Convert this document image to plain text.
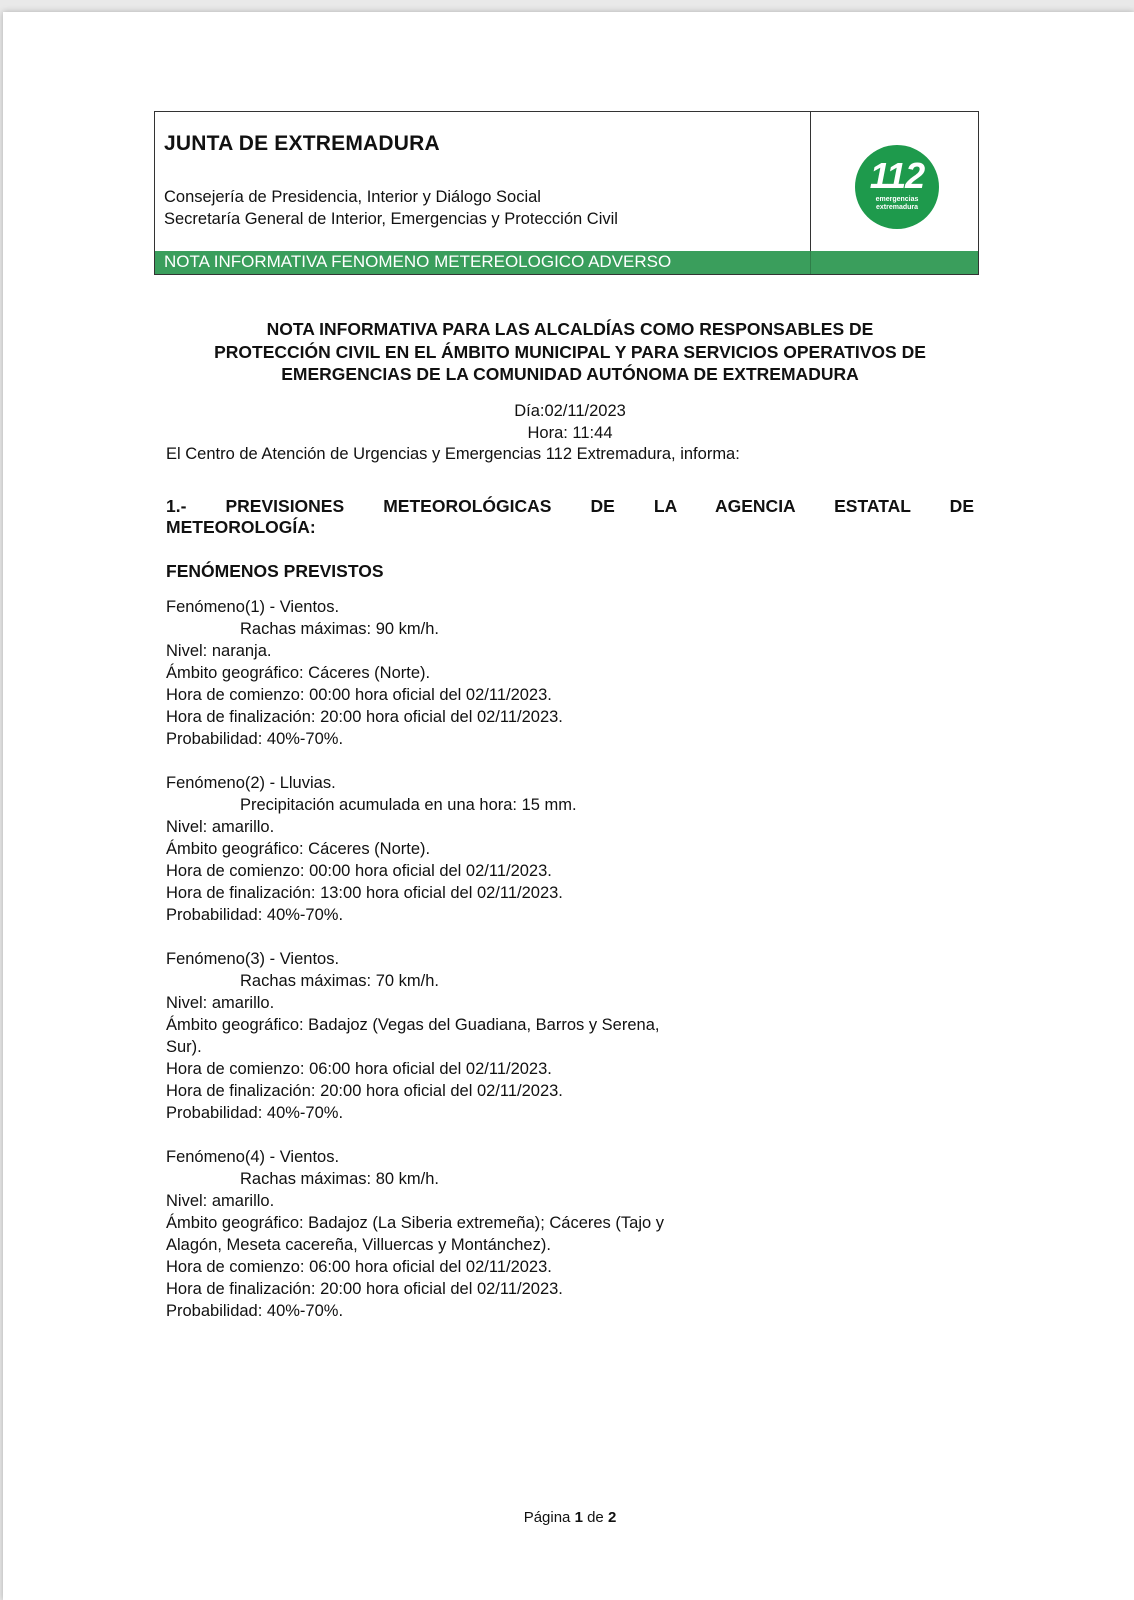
JUNTA DE EXTREMADURA
Consejería de Presidencia, Interior y Diálogo Social
Secretaría General de Interior, Emergencias y Protección Civil
112
emergencias
extremadura
NOTA INFORMATIVA FENOMENO METEREOLOGICO ADVERSO
NOTA INFORMATIVA PARA LAS ALCALDÍAS COMO RESPONSABLES DE
PROTECCIÓN CIVIL EN EL ÁMBITO MUNICIPAL Y PARA SERVICIOS OPERATIVOS DE
EMERGENCIAS DE LA COMUNIDAD AUTÓNOMA DE EXTREMADURA
Día:02/11/2023
Hora: 11:44
El Centro de Atención de Urgencias y Emergencias 112 Extremadura, informa:
1.- PREVISIONES METEOROLÓGICAS DE LA AGENCIA ESTATAL DE
METEOROLOGÍA:
FENÓMENOS PREVISTOS
Fenómeno(1) - Vientos.
Rachas máximas: 90 km/h.
Nivel: naranja.
Ámbito geográfico: Cáceres (Norte).
Hora de comienzo: 00:00 hora oficial del 02/11/2023.
Hora de finalización: 20:00 hora oficial del 02/11/2023.
Probabilidad: 40%-70%.
Fenómeno(2) - Lluvias.
Precipitación acumulada en una hora: 15 mm.
Nivel: amarillo.
Ámbito geográfico: Cáceres (Norte).
Hora de comienzo: 00:00 hora oficial del 02/11/2023.
Hora de finalización: 13:00 hora oficial del 02/11/2023.
Probabilidad: 40%-70%.
Fenómeno(3) - Vientos.
Rachas máximas: 70 km/h.
Nivel: amarillo.
Ámbito geográfico: Badajoz (Vegas del Guadiana, Barros y Serena,
Sur).
Hora de comienzo: 06:00 hora oficial del 02/11/2023.
Hora de finalización: 20:00 hora oficial del 02/11/2023.
Probabilidad: 40%-70%.
Fenómeno(4) - Vientos.
Rachas máximas: 80 km/h.
Nivel: amarillo.
Ámbito geográfico: Badajoz (La Siberia extremeña); Cáceres (Tajo y
Alagón, Meseta cacereña, Villuercas y Montánchez).
Hora de comienzo: 06:00 hora oficial del 02/11/2023.
Hora de finalización: 20:00 hora oficial del 02/11/2023.
Probabilidad: 40%-70%.
Página 1 de 2
